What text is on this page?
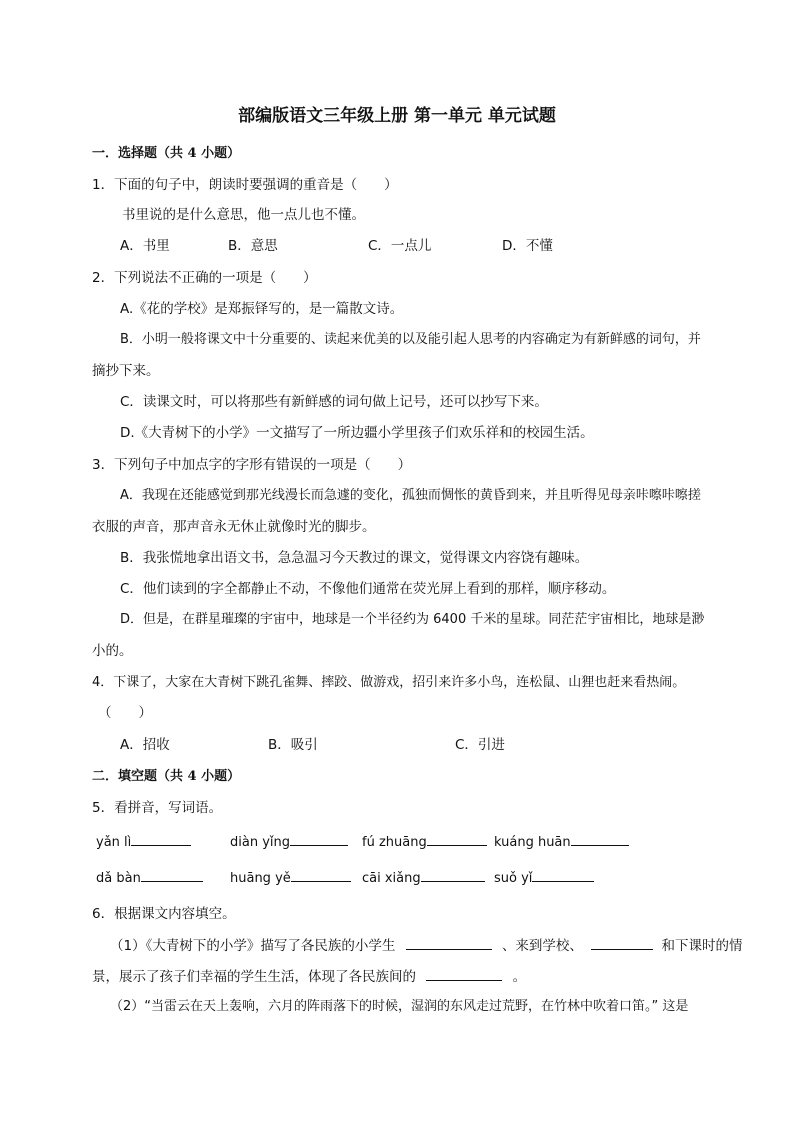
部编版语文三年级上册 第一单元 单元试题
一．选择题（共 4 小题）
1．下面的句子中，朗读时要强调的重音是（　　）
书里说的是什么意思，他一点儿也不懂。
A．书里	B．意思	C．一点儿	D．不懂
2．下列说法不正确的一项是（　　）
A.《花的学校》是郑振铎写的，是一篇散文诗。
B．小明一般将课文中十分重要的、读起来优美的以及能引起人思考的内容确定为有新鲜感的词句，并
摘抄下来。
C．读课文时，可以将那些有新鲜感的词句做上记号，还可以抄写下来。
D.《大青树下的小学》一文描写了一所边疆小学里孩子们欢乐祥和的校园生活。
3．下列句子中加点字的字形有错误的一项是（　　）
A．我现在还能感觉到那光线漫长而急遽的变化，孤独而惆怅的黄昏到来，并且听得见母亲咔嚓咔嚓搓
衣服的声音，那声音永无休止就像时光的脚步。
B．我张慌地拿出语文书，急急温习今天教过的课文，觉得课文内容饶有趣味。
C．他们读到的字全都静止不动，不像他们通常在荧光屏上看到的那样，顺序移动。
D．但是，在群星璀璨的宇宙中，地球是一个半径约为 6400 千米的星球。同茫茫宇宙相比，地球是渺
小的。
4．下课了，大家在大青树下跳孔雀舞、摔跤、做游戏，招引来许多小鸟，连松鼠、山狸也赶来看热闹。
（　　）
A．招收	B．吸引	C．引进
二．填空题（共 4 小题）
5．看拼音，写词语。
yǎn lì	diàn yǐng	fú zhuāng	kuáng huān
dǎ bàn	huāng yě	cāi xiǎng	suǒ yǐ
6．根据课文内容填空。
（1）《大青树下的小学》描写了各民族的小学生	、来到学校、	和下课时的情
景，展示了孩子们幸福的学生生活，体现了各民族间的	。
（2）“当雷云在天上轰响，六月的阵雨落下的时候，湿润的东风走过荒野，在竹林中吹着口笛。” 这是
